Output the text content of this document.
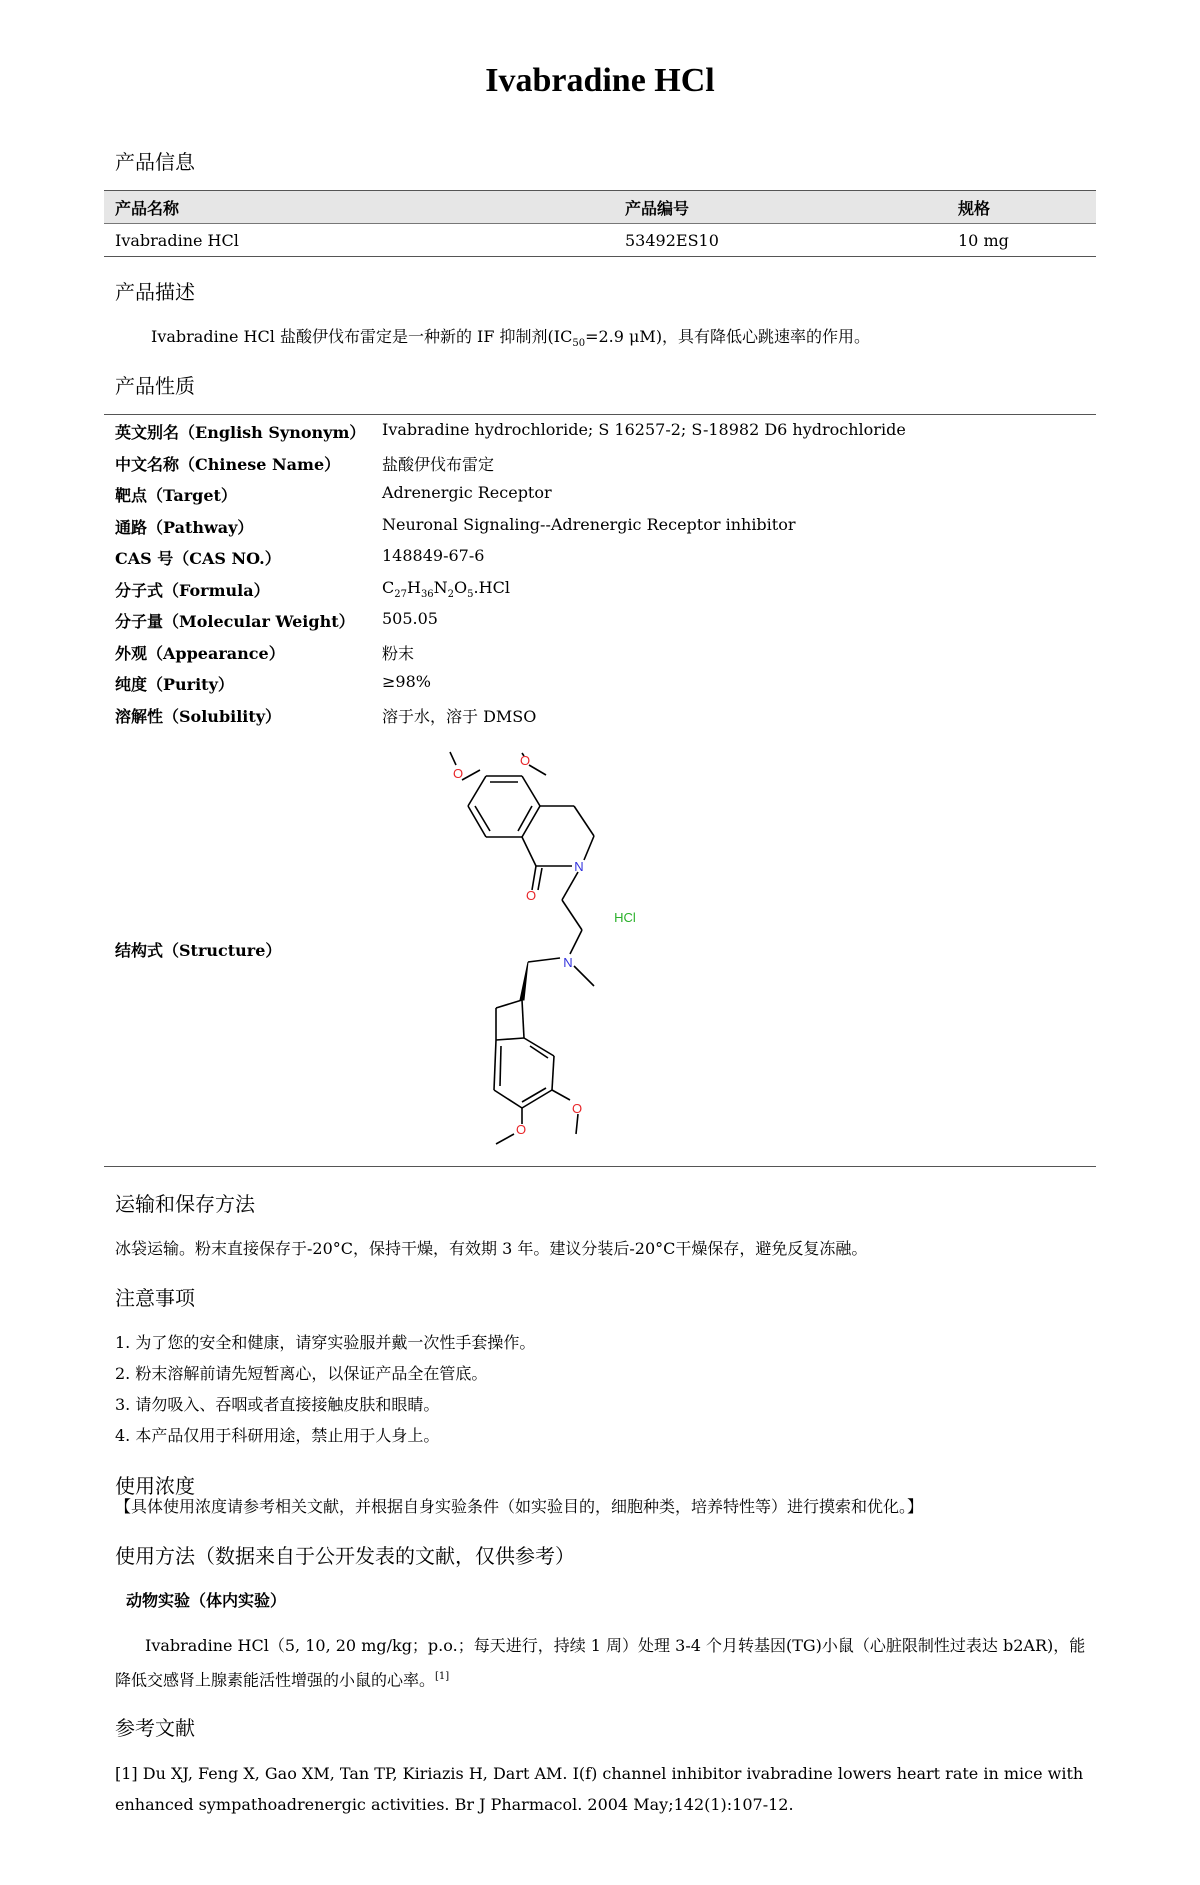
Ivabradine HCl
产品信息
产品名称	产品编号	规格
Ivabradine HCl	53492ES10	10 mg
产品描述
Ivabradine HCl 盐酸伊伐布雷定是一种新的 IF 抑制剂($IC_{50}=2.9$ μM)，具有降低心跳速率的作用。
产品性质
英文别名（English Synonym） Ivabradine hydrochloride; S 16257-2; S-18982 D6 hydrochloride
中文名称（Chinese Name）	盐酸伊伐布雷定
靶点（Target）	Adrenergic Receptor
通路（Pathway）	Neuronal Signaling--Adrenergic Receptor inhibitor
CAS 号（CAS NO.）	148849-67-6
分子式（Formula）	$C_{27}H_{36}N_2O_5.HCl$
分子量（Molecular Weight） 505.05
外观（Appearance）	粉末
纯度（Purity）	≥98%
溶解性（Solubility）	溶于水，溶于 DMSO
结构式（Structure）
O
O
O
N
N
O
O
HCl
运输和保存方法
冰袋运输。粉末直接保存于-20°C，保持干燥，有效期 3 年。建议分装后-20°C干燥保存，避免反复冻融。
注意事项
1. 为了您的安全和健康，请穿实验服并戴一次性手套操作。
2. 粉末溶解前请先短暂离心，以保证产品全在管底。
3. 请勿吸入、吞咽或者直接接触皮肤和眼睛。
4. 本产品仅用于科研用途，禁止用于人身上。
使用浓度
【具体使用浓度请参考相关文献，并根据自身实验条件（如实验目的，细胞种类，培养特性等）进行摸索和优化。】
使用方法（数据来自于公开发表的文献，仅供参考）
动物实验（体内实验）
Ivabradine HCl（5, 10, 20 mg/kg；p.o.；每天进行，持续 1 周）处理 3-4 个月转基因(TG)小鼠（心脏限制性过表达 b2AR)，能降低交感肾上腺素能活性增强的小鼠的心率。[1]
参考文献
[1] Du XJ, Feng X, Gao XM, Tan TP, Kiriazis H, Dart AM. I(f) channel inhibitor ivabradine lowers heart rate in mice with enhanced sympathoadrenergic activities. Br J Pharmacol. 2004 May;142(1):107-12.
